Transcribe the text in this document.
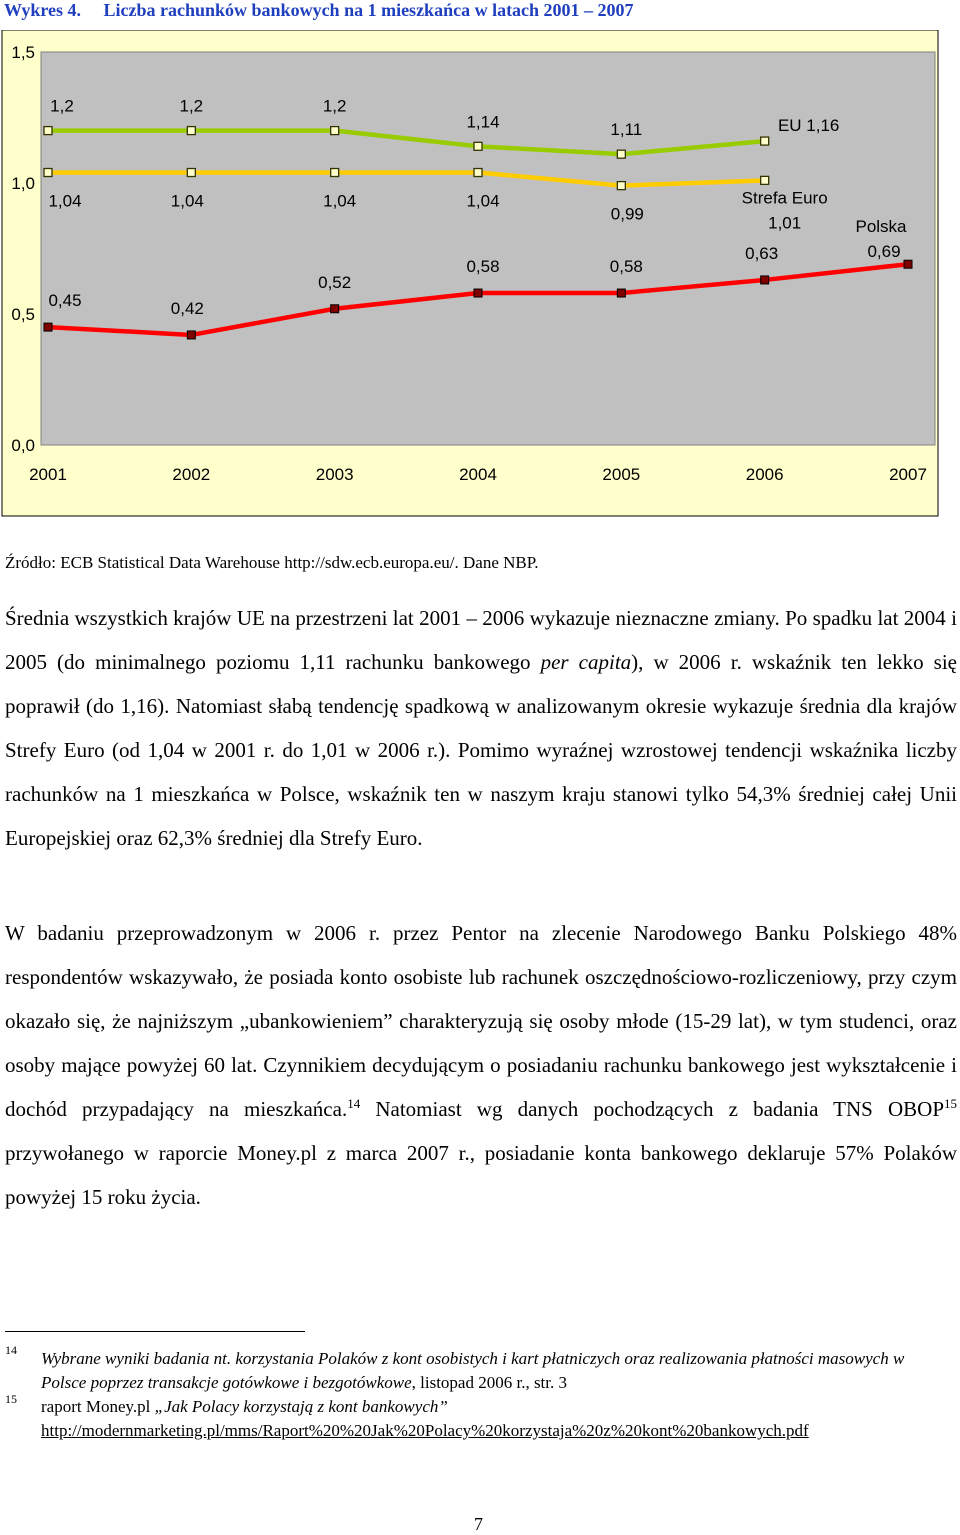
Wykres 4. Liczba rachunków bankowych na 1 mieszkańca w latach 2001 – 2007
0,0
0,5
1,0
1,5
2001	2002	2003	2004	2005	2006	2007
1,2	1,2	1,2
1,14	1,11	EU 1,16
1,04	1,04	1,04	1,04
0,99
Strefa Euro
1,01
0,45	0,42
0,52
0,58	0,58
0,63
Polska
0,69
Źródło: ECB Statistical Data Warehouse http://sdw.ecb.europa.eu/. Dane NBP.
Średnia wszystkich krajów UE na przestrzeni lat 2001 – 2006 wykazuje nieznaczne zmiany. Po spadku lat 2004 i 2005 (do minimalnego poziomu 1,11 rachunku bankowego per capita), w 2006 r. wskaźnik ten lekko się poprawił (do 1,16). Natomiast słabą tendencję spadkową w analizowanym okresie wykazuje średnia dla krajów Strefy Euro (od 1,04 w 2001 r. do 1,01 w 2006 r.). Pomimo wyraźnej wzrostowej tendencji wskaźnika liczby rachunków na 1 mieszkańca w Polsce, wskaźnik ten w naszym kraju stanowi tylko 54,3% średniej całej Unii Europejskiej oraz 62,3% średniej dla Strefy Euro.
W badaniu przeprowadzonym w 2006 r. przez Pentor na zlecenie Narodowego Banku Polskiego 48% respondentów wskazywało, że posiada konto osobiste lub rachunek oszczędnościowo-rozliczeniowy, przy czym okazało się, że najniższym „ubankowieniem” charakteryzują się osoby młode (15-29 lat), w tym studenci, oraz osoby mające powyżej 60 lat. Czynnikiem decydującym o posiadaniu rachunku bankowego jest wykształcenie i dochód przypadający na mieszkańca.$^{14}$ Natomiast wg danych pochodzących z badania TNS OBOP$^{15}$ przywołanego w raporcie Money.pl z marca 2007 r., posiadanie konta bankowego deklaruje 57% Polaków powyżej 15 roku życia.
14 Wybrane wyniki badania nt. korzystania Polaków z kont osobistych i kart płatniczych oraz realizowania płatności masowych w Polsce poprzez transakcje gotówkowe i bezgotówkowe, listopad 2006 r., str. 3
15 raport Money.pl „Jak Polacy korzystają z kont bankowych”
http://modernmarketing.pl/mms/Raport%20%20Jak%20Polacy%20korzystaja%20z%20kont%20bankowych.pdf
7
